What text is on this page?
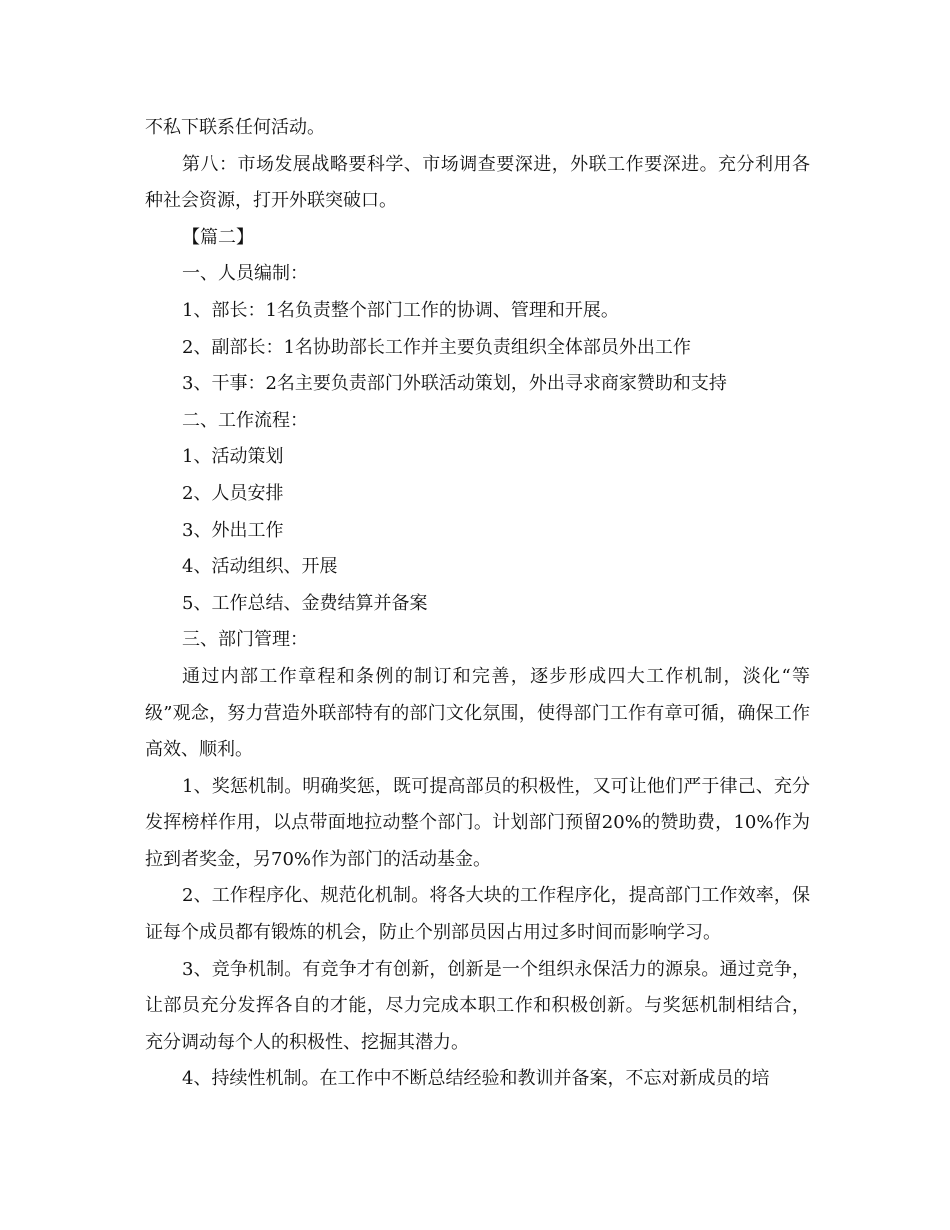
不私下联系任何活动。

第八：市场发展战略要科学、市场调查要深进，外联工作要深进。充分利用各种社会资源，打开外联突破口。

【篇二】

一、人员编制：

1、部长：1名负责整个部门工作的协调、管理和开展。

2、副部长：1名协助部长工作并主要负责组织全体部员外出工作

3、干事：2名主要负责部门外联活动策划，外出寻求商家赞助和支持

二、工作流程：

1、活动策划

2、人员安排

3、外出工作

4、活动组织、开展

5、工作总结、金费结算并备案

三、部门管理：

通过内部工作章程和条例的制订和完善，逐步形成四大工作机制，淡化“等级”观念，努力营造外联部特有的部门文化氛围，使得部门工作有章可循，确保工作高效、顺利。

1、奖惩机制。明确奖惩，既可提高部员的积极性，又可让他们严于律己、充分发挥榜样作用，以点带面地拉动整个部门。计划部门预留20%的赞助费，10%作为拉到者奖金，另70%作为部门的活动基金。

2、工作程序化、规范化机制。将各大块的工作程序化，提高部门工作效率，保证每个成员都有锻炼的机会，防止个别部员因占用过多时间而影响学习。

3、竞争机制。有竞争才有创新，创新是一个组织永保活力的源泉。通过竞争，让部员充分发挥各自的才能，尽力完成本职工作和积极创新。与奖惩机制相结合，充分调动每个人的积极性、挖掘其潜力。

4、持续性机制。在工作中不断总结经验和教训并备案，不忘对新成员的培
